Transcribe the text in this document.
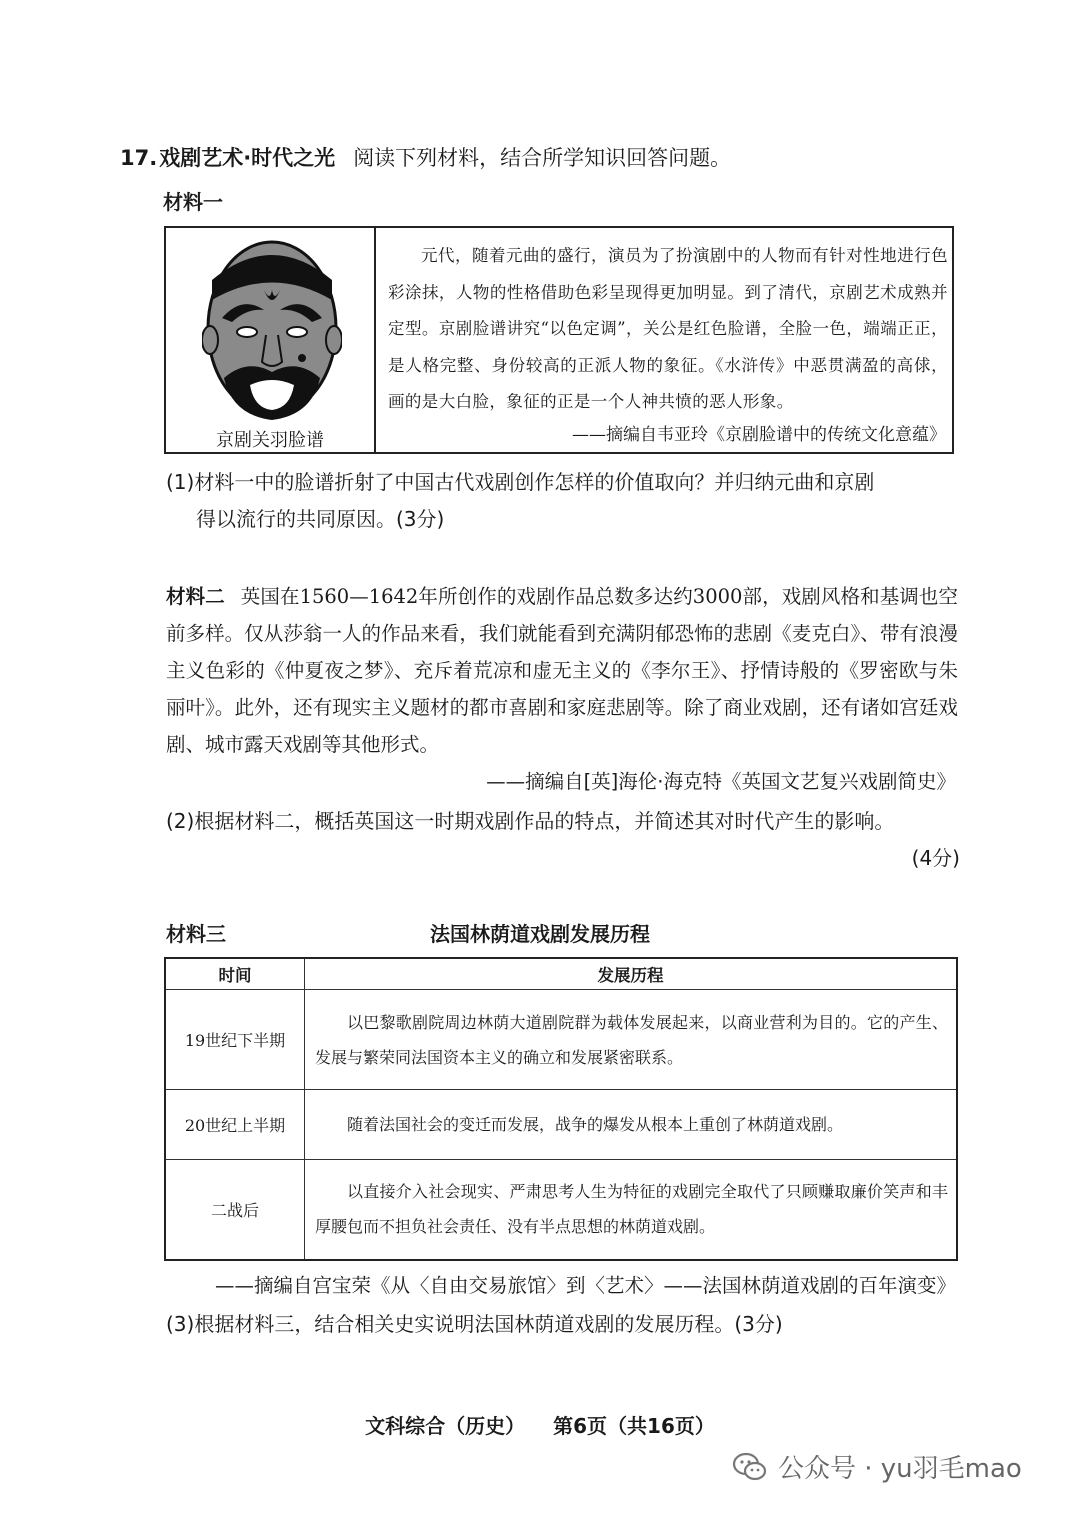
17.戏剧艺术·时代之光 阅读下列材料，结合所学知识回答问题。
材料一
京剧关羽脸谱
元代，随着元曲的盛行，演员为了扮演剧中的人物而有针对性地进行色彩涂抹，人物的性格借助色彩呈现得更加明显。到了清代，京剧艺术成熟并定型。京剧脸谱讲究“以色定调”，关公是红色脸谱，全脸一色，端端正正，是人格完整、身份较高的正派人物的象征。《水浒传》中恶贯满盈的高俅，画的是大白脸，象征的正是一个人神共愤的恶人形象。
——摘编自韦亚玲《京剧脸谱中的传统文化意蕴》
(1)材料一中的脸谱折射了中国古代戏剧创作怎样的价值取向？并归纳元曲和京剧
得以流行的共同原因。(3分)
材料二 英国在1560—1642年所创作的戏剧作品总数多达约3000部，戏剧风格和基调也空前多样。仅从莎翁一人的作品来看，我们就能看到充满阴郁恐怖的悲剧《麦克白》、带有浪漫主义色彩的《仲夏夜之梦》、充斥着荒凉和虚无主义的《李尔王》、抒情诗般的《罗密欧与朱丽叶》。此外，还有现实主义题材的都市喜剧和家庭悲剧等。除了商业戏剧，还有诸如宫廷戏剧、城市露天戏剧等其他形式。
——摘编自[英]海伦·海克特《英国文艺复兴戏剧简史》
(2)根据材料二，概括英国这一时期戏剧作品的特点，并简述其对时代产生的影响。
(4分)
材料三	法国林荫道戏剧发展历程
时间	发展历程
19世纪下半期	以巴黎歌剧院周边林荫大道剧院群为载体发展起来，以商业营利为目的。它的产生、发展与繁荣同法国资本主义的确立和发展紧密联系。
20世纪上半期	随着法国社会的变迁而发展，战争的爆发从根本上重创了林荫道戏剧。
二战后	以直接介入社会现实、严肃思考人生为特征的戏剧完全取代了只顾赚取廉价笑声和丰厚腰包而不担负社会责任、没有半点思想的林荫道戏剧。
——摘编自宫宝荣《从〈自由交易旅馆〉到〈艺术〉——法国林荫道戏剧的百年演变》
(3)根据材料三，结合相关史实说明法国林荫道戏剧的发展历程。(3分)
文科综合（历史） 第6页（共16页）
公众号 · yu羽毛mao
